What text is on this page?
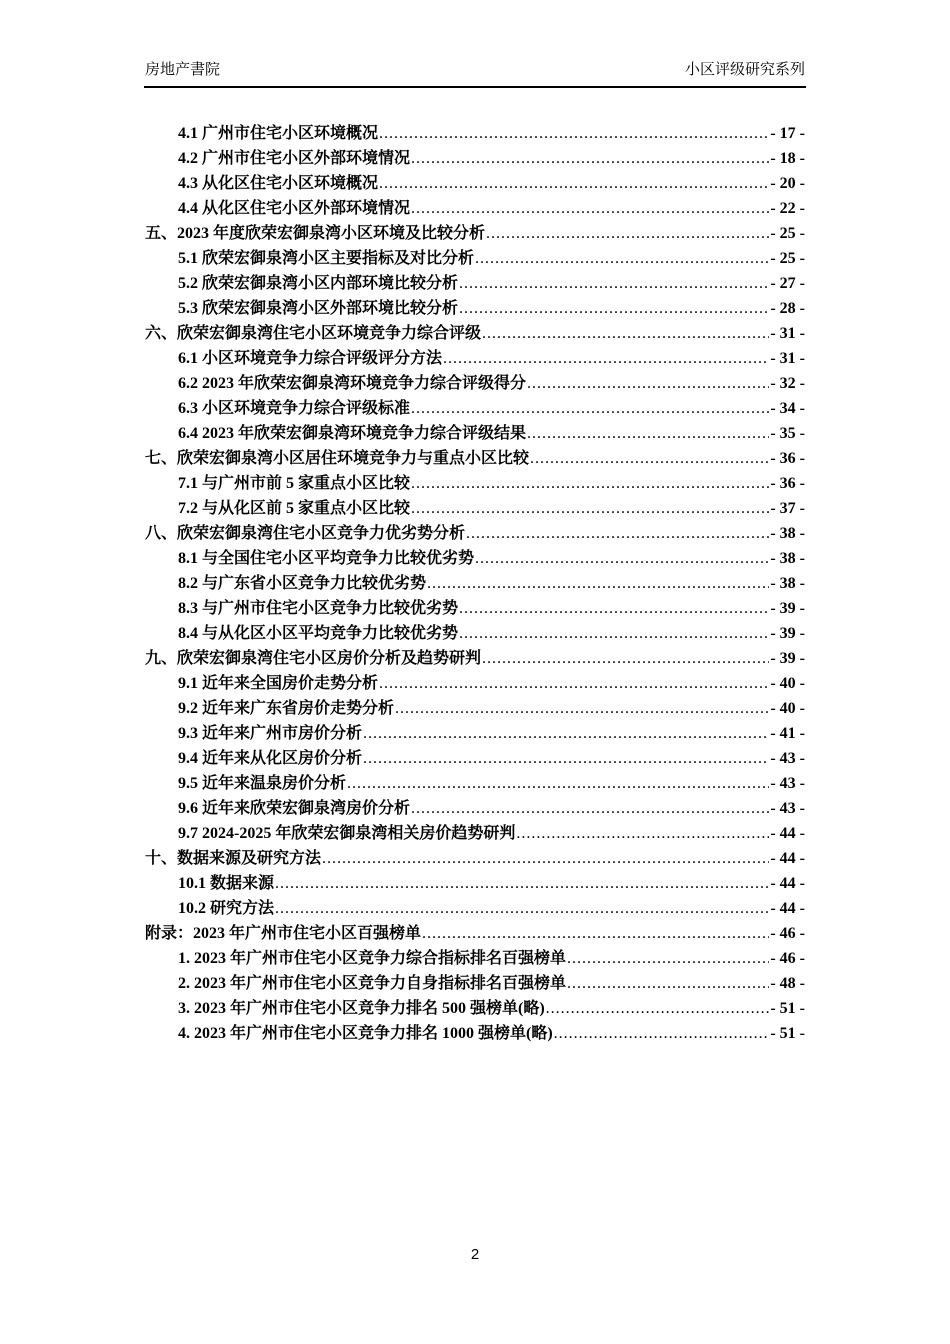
房地产書院	小区评级研究系列
4.1 广州市住宅小区环境概况 .....	- 17 -
4.2 广州市住宅小区外部环境情况 .....	- 18 -
4.3 从化区住宅小区环境概况 .....	- 20 -
4.4 从化区住宅小区外部环境情况 .....	- 22 -
五、2023 年度欣荣宏御泉湾小区环境及比较分析 .....	- 25 -
5.1 欣荣宏御泉湾小区主要指标及对比分析 .....	- 25 -
5.2 欣荣宏御泉湾小区内部环境比较分析 .....	- 27 -
5.3 欣荣宏御泉湾小区外部环境比较分析 .....	- 28 -
六、欣荣宏御泉湾住宅小区环境竞争力综合评级 .....	- 31 -
6.1 小区环境竞争力综合评级评分方法 .....	- 31 -
6.2 2023 年欣荣宏御泉湾环境竞争力综合评级得分 .....	- 32 -
6.3 小区环境竞争力综合评级标准 .....	- 34 -
6.4 2023 年欣荣宏御泉湾环境竞争力综合评级结果 .....	- 35 -
七、欣荣宏御泉湾小区居住环境竞争力与重点小区比较 .....	- 36 -
7.1 与广州市前 5 家重点小区比较 .....	- 36 -
7.2 与从化区前 5 家重点小区比较 .....	- 37 -
八、欣荣宏御泉湾住宅小区竞争力优劣势分析 .....	- 38 -
8.1 与全国住宅小区平均竞争力比较优劣势 .....	- 38 -
8.2 与广东省小区竞争力比较优劣势 .....	- 38 -
8.3 与广州市住宅小区竞争力比较优劣势 .....	- 39 -
8.4 与从化区小区平均竞争力比较优劣势 .....	- 39 -
九、欣荣宏御泉湾住宅小区房价分析及趋势研判 .....	- 39 -
9.1 近年来全国房价走势分析 .....	- 40 -
9.2 近年来广东省房价走势分析 .....	- 40 -
9.3 近年来广州市房价分析 .....	- 41 -
9.4 近年来从化区房价分析 .....	- 43 -
9.5 近年来温泉房价分析 .....	- 43 -
9.6 近年来欣荣宏御泉湾房价分析 .....	- 43 -
9.7 2024-2025 年欣荣宏御泉湾相关房价趋势研判 .....	- 44 -
十、数据来源及研究方法 .....	- 44 -
10.1 数据来源 .....	- 44 -
10.2 研究方法 .....	- 44 -
附录：2023 年广州市住宅小区百强榜单 .....	- 46 -
1. 2023 年广州市住宅小区竞争力综合指标排名百强榜单 .....	- 46 -
2. 2023 年广州市住宅小区竞争力自身指标排名百强榜单 .....	- 48 -
3. 2023 年广州市住宅小区竞争力排名 500 强榜单(略) .....	- 51 -
4. 2023 年广州市住宅小区竞争力排名 1000 强榜单(略) .....	- 51 -
2
